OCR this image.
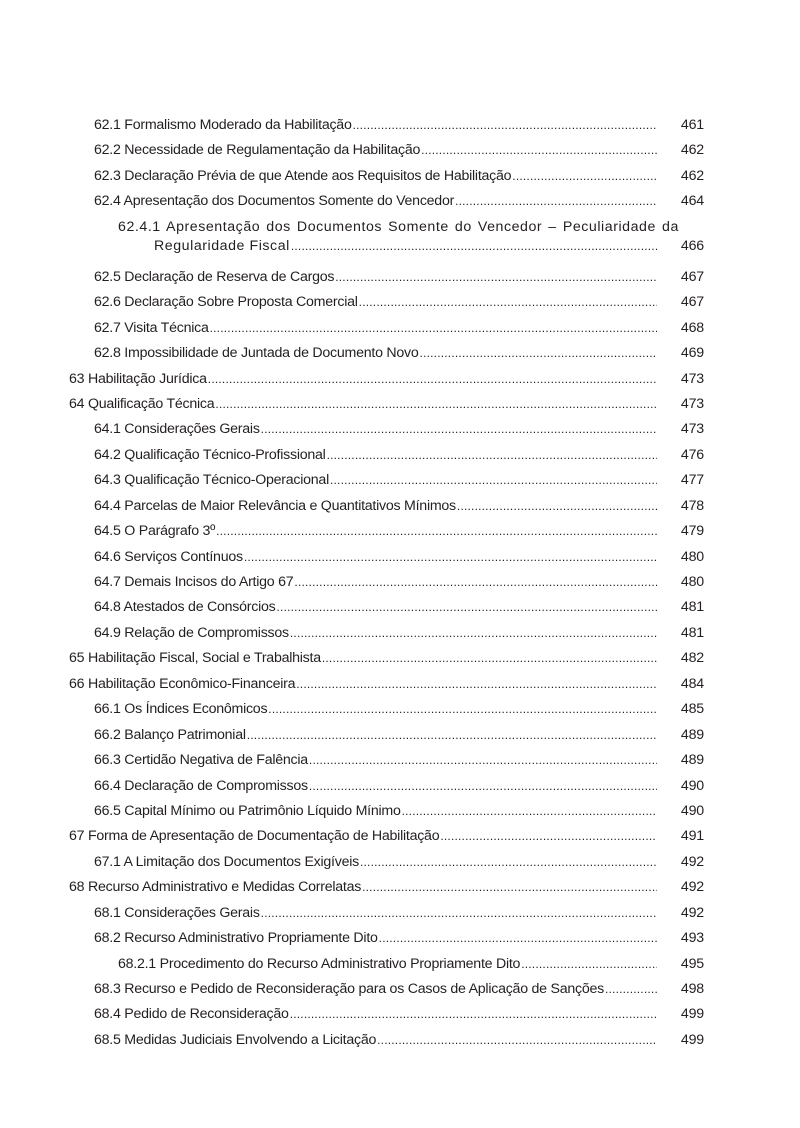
62.1 Formalismo Moderado da Habilitação .....	461
62.2 Necessidade de Regulamentação da Habilitação .....	462
62.3 Declaração Prévia de que Atende aos Requisitos de Habilitação .....	462
62.4 Apresentação dos Documentos Somente do Vencedor .....	464
62.4.1 Apresentação dos Documentos Somente do Vencedor – Peculiaridade da
Regularidade Fiscal .....	466
62.5 Declaração de Reserva de Cargos .....	467
62.6 Declaração Sobre Proposta Comercial .....	467
62.7 Visita Técnica .....	468
62.8 Impossibilidade de Juntada de Documento Novo .....	469
63 Habilitação Jurídica .....	473
64 Qualificação Técnica .....	473
64.1 Considerações Gerais .....	473
64.2 Qualificação Técnico-Profissional .....	476
64.3 Qualificação Técnico-Operacional .....	477
64.4 Parcelas de Maior Relevância e Quantitativos Mínimos .....	478
64.5 O Parágrafo 3º .....	479
64.6 Serviços Contínuos .....	480
64.7 Demais Incisos do Artigo 67 .....	480
64.8 Atestados de Consórcios .....	481
64.9 Relação de Compromissos .....	481
65 Habilitação Fiscal, Social e Trabalhista .....	482
66 Habilitação Econômico-Financeira .....	484
66.1 Os Índices Econômicos .....	485
66.2 Balanço Patrimonial .....	489
66.3 Certidão Negativa de Falência .....	489
66.4 Declaração de Compromissos .....	490
66.5 Capital Mínimo ou Patrimônio Líquido Mínimo .....	490
67 Forma de Apresentação de Documentação de Habilitação .....	491
67.1 A Limitação dos Documentos Exigíveis .....	492
68 Recurso Administrativo e Medidas Correlatas .....	492
68.1 Considerações Gerais .....	492
68.2 Recurso Administrativo Propriamente Dito .....	493
68.2.1 Procedimento do Recurso Administrativo Propriamente Dito .....	495
68.3 Recurso e Pedido de Reconsideração para os Casos de Aplicação de Sanções .....	498
68.4 Pedido de Reconsideração .....	499
68.5 Medidas Judiciais Envolvendo a Licitação .....	499
